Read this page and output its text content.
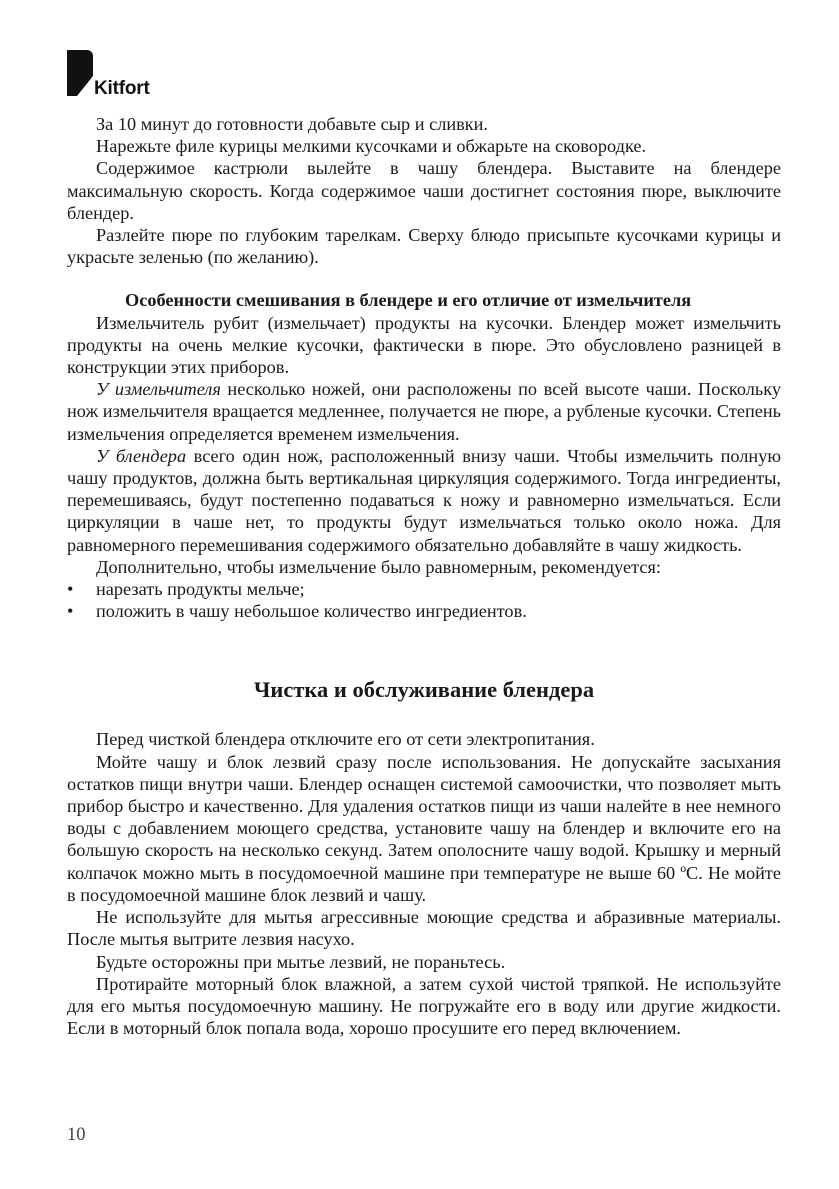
Kitfort

За 10 минут до готовности добавьте сыр и сливки.

Нарежьте филе курицы мелкими кусочками и обжарьте на сковородке.

Содержимое кастрюли вылейте в чашу блендера. Выставите на блендере максимальную скорость. Когда содержимое чаши достигнет состояния пюре, выключите блендер.

Разлейте пюре по глубоким тарелкам. Сверху блюдо присыпьте кусочками курицы и украсьте зеленью (по желанию).

Особенности смешивания в блендере и его отличие от измельчителя

Измельчитель рубит (измельчает) продукты на кусочки. Блендер может измельчить продукты на очень мелкие кусочки, фактически в пюре. Это обусловлено разницей в конструкции этих приборов.

У измельчителя несколько ножей, они расположены по всей высоте чаши. Поскольку нож измельчителя вращается медленнее, получается не пюре, а рубленые кусочки. Степень измельчения определяется временем измельчения.

У блендера всего один нож, расположенный внизу чаши. Чтобы измельчить полную чашу продуктов, должна быть вертикальная циркуляция содержимого. Тогда ингредиенты, перемешиваясь, будут постепенно подаваться к ножу и равномерно измельчаться. Если циркуляции в чаше нет, то продукты будут измельчаться только около ножа. Для равномерного перемешивания содержимого обязательно добавляйте в чашу жидкость.

Дополнительно, чтобы измельчение было равномерным, рекомендуется:

• нарезать продукты мельче;
• положить в чашу небольшое количество ингредиентов.
Чистка и обслуживание блендера

Перед чисткой блендера отключите его от сети электропитания.

Мойте чашу и блок лезвий сразу после использования. Не допускайте засыхания остатков пищи внутри чаши. Блендер оснащен системой самоочистки, что позволяет мыть прибор быстро и качественно. Для удаления остатков пищи из чаши налейте в нее немного воды с добавлением моющего средства, установите чашу на блендер и включите его на большую скорость на несколько секунд. Затем ополосните чашу водой. Крышку и мерный колпачок можно мыть в посудомоечной машине при температуре не выше 60 ºС. Не мойте в посудомоечной машине блок лезвий и чашу.

Не используйте для мытья агрессивные моющие средства и абразивные материалы. После мытья вытрите лезвия насухо.

Будьте осторожны при мытье лезвий, не пораньтесь.

Протирайте моторный блок влажной, а затем сухой чистой тряпкой. Не используйте для его мытья посудомоечную машину. Не погружайте его в воду или другие жидкости. Если в моторный блок попала вода, хорошо просушите его перед включением.

10
